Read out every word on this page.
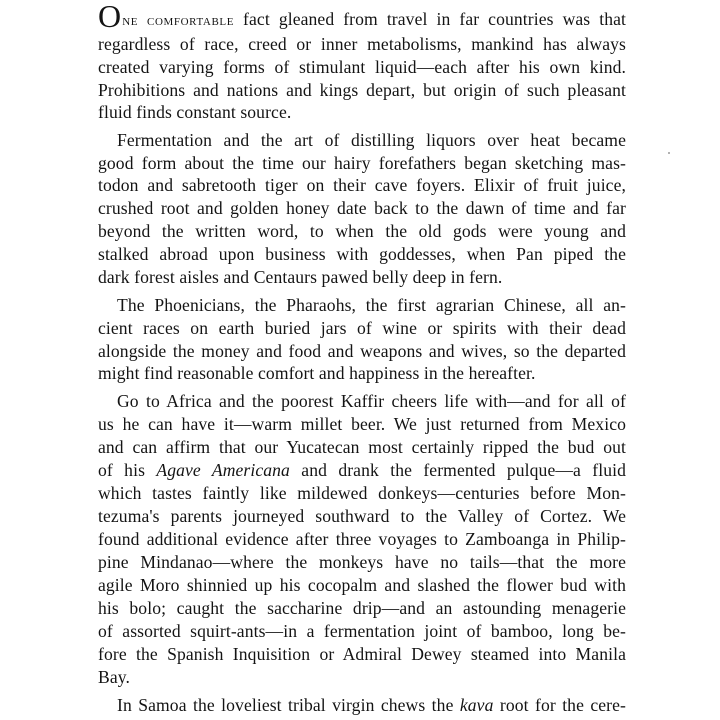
One comfortable fact gleaned from travel in far countries was that
regardless of race, creed or inner metabolisms, mankind has always
created varying forms of stimulant liquid—each after his own kind.
Prohibitions and nations and kings depart, but origin of such pleasant
fluid finds constant source.
Fermentation and the art of distilling liquors over heat became
good form about the time our hairy forefathers began sketching mas-
todon and sabretooth tiger on their cave foyers. Elixir of fruit juice,
crushed root and golden honey date back to the dawn of time and far
beyond the written word, to when the old gods were young and
stalked abroad upon business with goddesses, when Pan piped the
dark forest aisles and Centaurs pawed belly deep in fern.
The Phoenicians, the Pharaohs, the first agrarian Chinese, all an-
cient races on earth buried jars of wine or spirits with their dead
alongside the money and food and weapons and wives, so the departed
might find reasonable comfort and happiness in the hereafter.
Go to Africa and the poorest Kaffir cheers life with—and for all of
us he can have it—warm millet beer. We just returned from Mexico
and can affirm that our Yucatecan most certainly ripped the bud out
of his Agave Americana and drank the fermented pulque—a fluid
which tastes faintly like mildewed donkeys—centuries before Mon-
tezuma's parents journeyed southward to the Valley of Cortez. We
found additional evidence after three voyages to Zamboanga in Philip-
pine Mindanao—where the monkeys have no tails—that the more
agile Moro shinnied up his cocopalm and slashed the flower bud with
his bolo; caught the saccharine drip—and an astounding menagerie
of assorted squirt-ants—in a fermentation joint of bamboo, long be-
fore the Spanish Inquisition or Admiral Dewey steamed into Manila
Bay.
In Samoa the loveliest tribal virgin chews the kava root for the cere-
